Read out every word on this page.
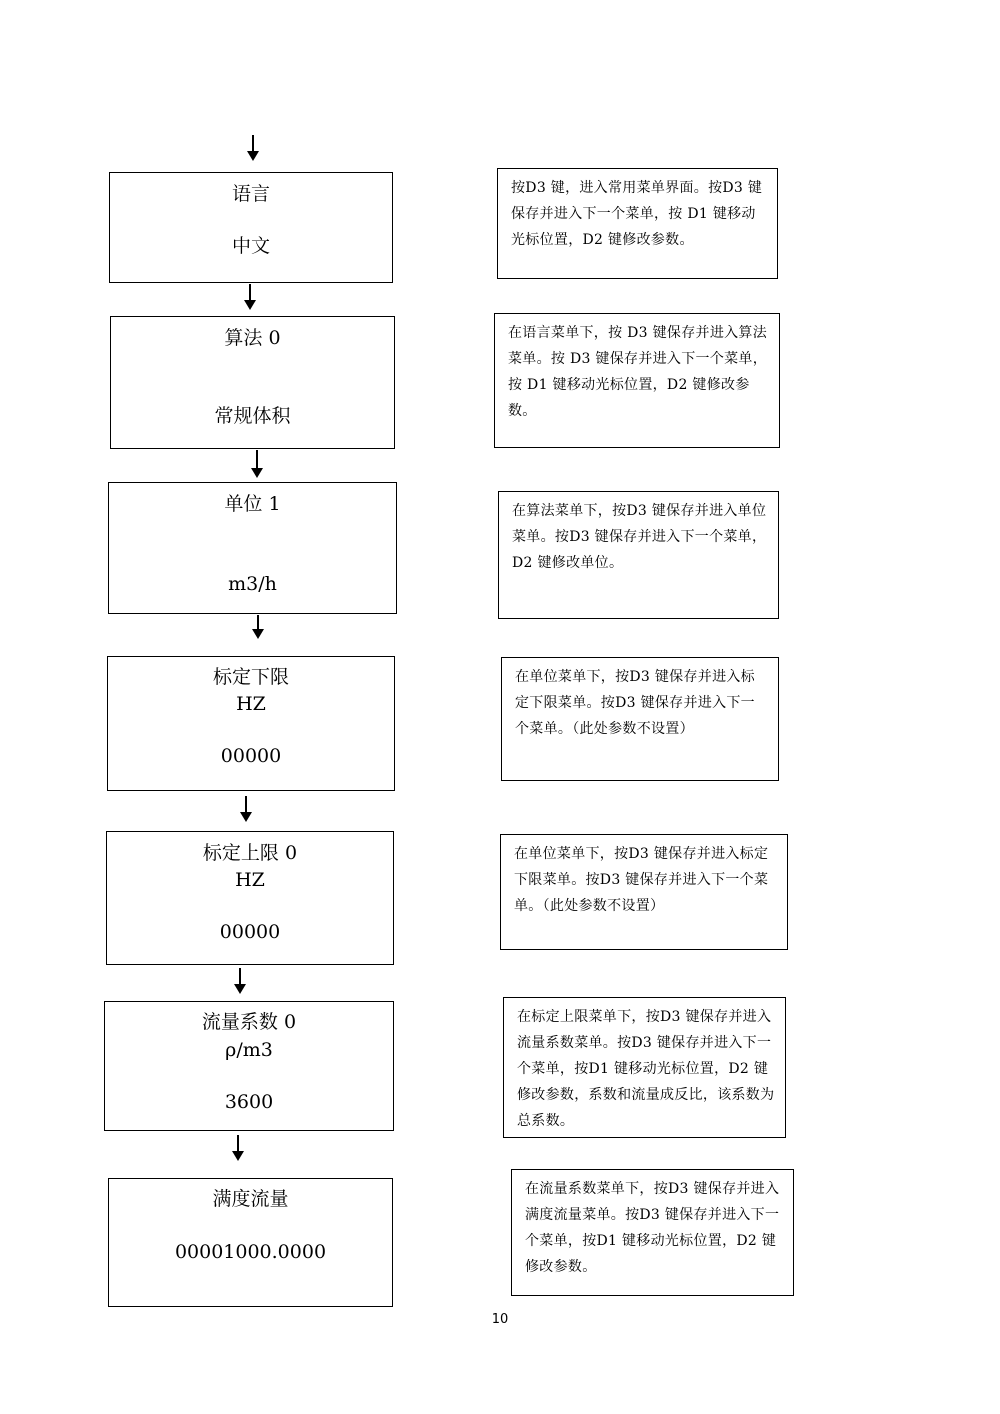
语言
中文
算法 0
常规体积
单位 1
m3/h
标定下限
HZ
00000
标定上限 0
HZ
00000
流量系数 0
ρ/m3
3600
满度流量
00001000.0000
按D3 键，进入常用菜单界面。按D3 键保存并进入下一个菜单，按 D1 键移动光标位置，D2 键修改参数。
在语言菜单下，按 D3 键保存并进入算法菜单。按 D3 键保存并进入下一个菜单，按 D1 键移动光标位置，D2 键修改参数。
在算法菜单下，按D3 键保存并进入单位菜单。按D3 键保存并进入下一个菜单，D2 键修改单位。
在单位菜单下，按D3 键保存并进入标定下限菜单。按D3 键保存并进入下一个菜单。（此处参数不设置）
在单位菜单下，按D3 键保存并进入标定下限菜单。按D3 键保存并进入下一个菜单。（此处参数不设置）
在标定上限菜单下，按D3 键保存并进入流量系数菜单。按D3 键保存并进入下一个菜单，按D1 键移动光标位置，D2 键修改参数，系数和流量成反比，该系数为总系数。
在流量系数菜单下，按D3 键保存并进入满度流量菜单。按D3 键保存并进入下一个菜单，按D1 键移动光标位置，D2 键修改参数。
10
